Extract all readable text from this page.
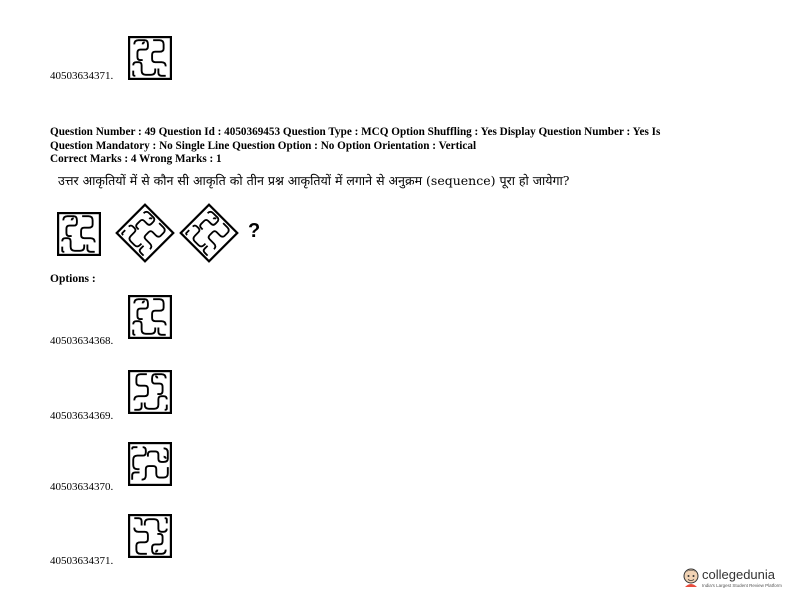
40503634371.
Question Number : 49 Question Id : 4050369453 Question Type : MCQ Option Shuffling : Yes Display Question Number : Yes Is
Question Mandatory : No Single Line Question Option : No Option Orientation : Vertical
Correct Marks : 4 Wrong Marks : 1
उत्तर आकृतियों में से कौन सी आकृति को तीन प्रश्न आकृतियों में लगाने से अनुक्रम (sequence) पूरा हो जायेगा?
?
Options :
40503634368.
40503634369.
40503634370.
40503634371.
collegedunia
India's Largest Student Review Platform
